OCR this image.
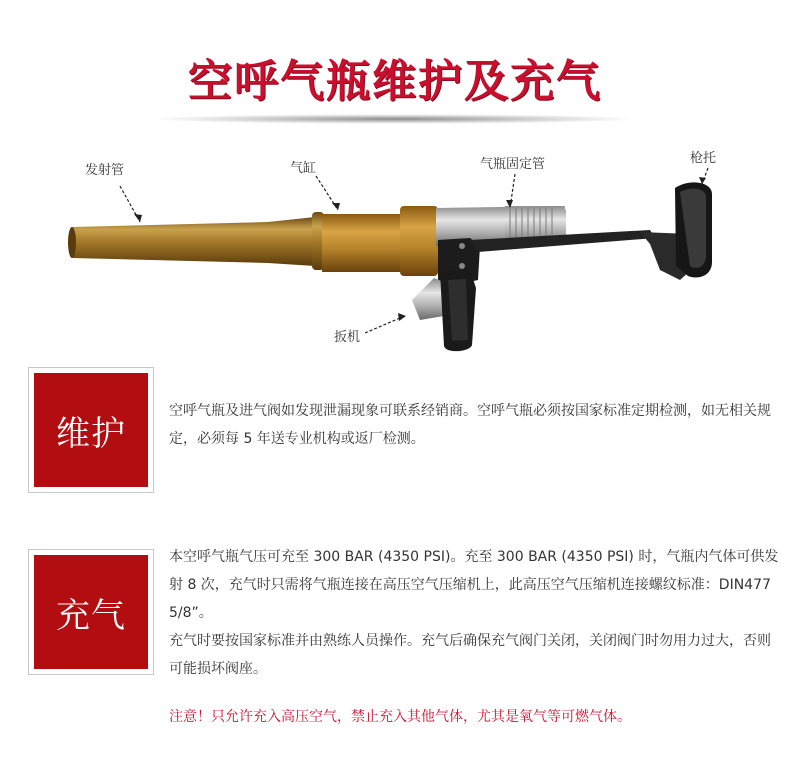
空呼气瓶维护及充气
发射管	气缸	气瓶固定管	枪托
扳机
维护

空呼气瓶及进气阀如发现泄漏现象可联系经销商。空呼气瓶必须按国家标准定期检测，如无相关规定，必须每 5 年送专业机构或返厂检测。

充气

本空呼气瓶气压可充至 300 BAR (4350 PSI)。充至 300 BAR (4350 PSI) 时，气瓶内气体可供发射 8 次，充气时只需将气瓶连接在高压空气压缩机上，此高压空气压缩机连接螺纹标准：DIN477 5/8”。

充气时要按国家标准并由熟练人员操作。充气后确保充气阀门关闭，关闭阀门时勿用力过大，否则可能损坏阀座。

注意！只允许充入高压空气，禁止充入其他气体，尤其是氧气等可燃气体。
